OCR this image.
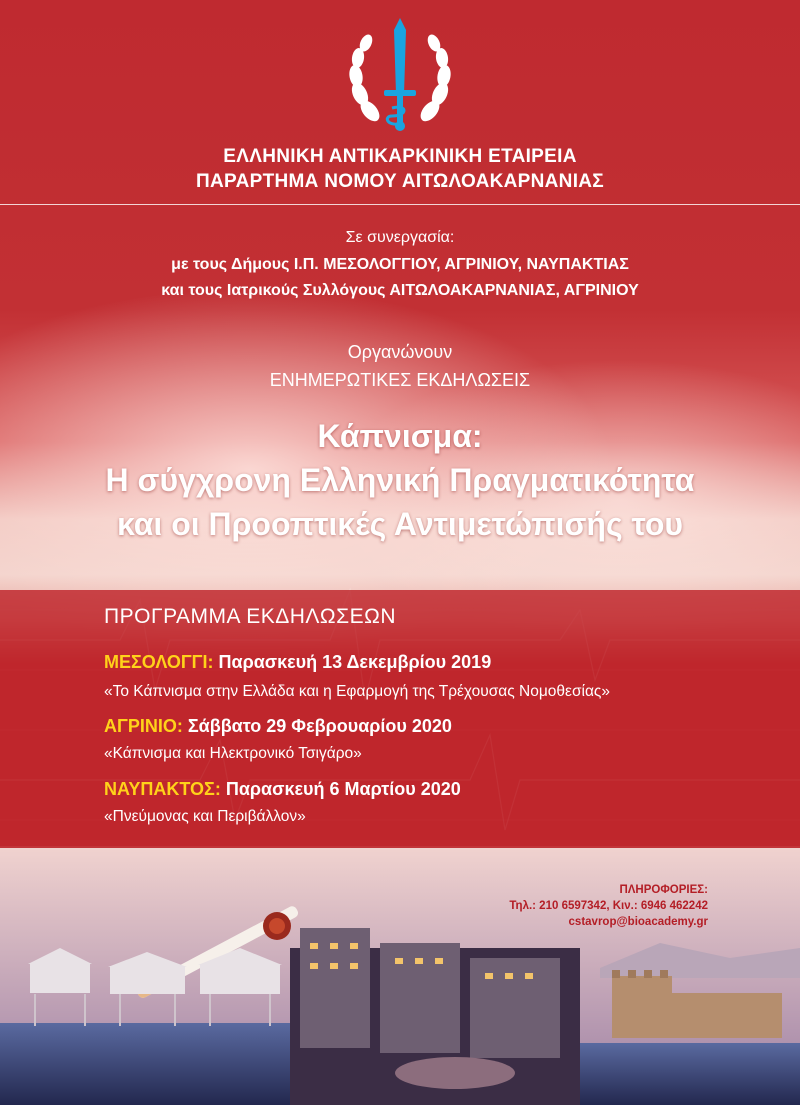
ΕΛΛΗΝΙΚΗ ΑΝΤΙΚΑΡΚΙΝΙΚΗ ΕΤΑΙΡΕΙΑ
ΠΑΡΑΡΤΗΜΑ ΝΟΜΟΥ ΑΙΤΩΛΟΑΚΑΡΝΑΝΙΑΣ
Σε συνεργασία:
με τους Δήμους Ι.Π. ΜΕΣΟΛΟΓΓΙΟΥ, ΑΓΡΙΝΙΟΥ, ΝΑΥΠΑΚΤΙΑΣ
και τους Ιατρικούς Συλλόγους ΑΙΤΩΛΟΑΚΑΡΝΑΝΙΑΣ, ΑΓΡΙΝΙΟΥ
Οργανώνουν
ΕΝΗΜΕΡΩΤΙΚΕΣ ΕΚΔΗΛΩΣΕΙΣ
Κάπνισμα:
Η σύγχρονη Ελληνική Πραγματικότητα
και οι Προοπτικές Αντιμετώπισής του
ΠΡΟΓΡΑΜΜΑ ΕΚΔΗΛΩΣΕΩΝ
ΜΕΣΟΛΟΓΓΙ: Παρασκευή 13 Δεκεμβρίου 2019
«Το Κάπνισμα στην Ελλάδα και η Εφαρμογή της Τρέχουσας Νομοθεσίας»
ΑΓΡΙΝΙΟ: Σάββατο 29 Φεβρουαρίου 2020
«Κάπνισμα και Ηλεκτρονικό Τσιγάρο»
ΝΑΥΠΑΚΤΟΣ: Παρασκευή 6 Μαρτίου 2020
«Πνεύμονας και Περιβάλλον»
ΠΛΗΡΟΦΟΡΙΕΣ:
Τηλ.: 210 6597342, Κιν.: 6946 462242
cstavrop@bioacademy.gr
